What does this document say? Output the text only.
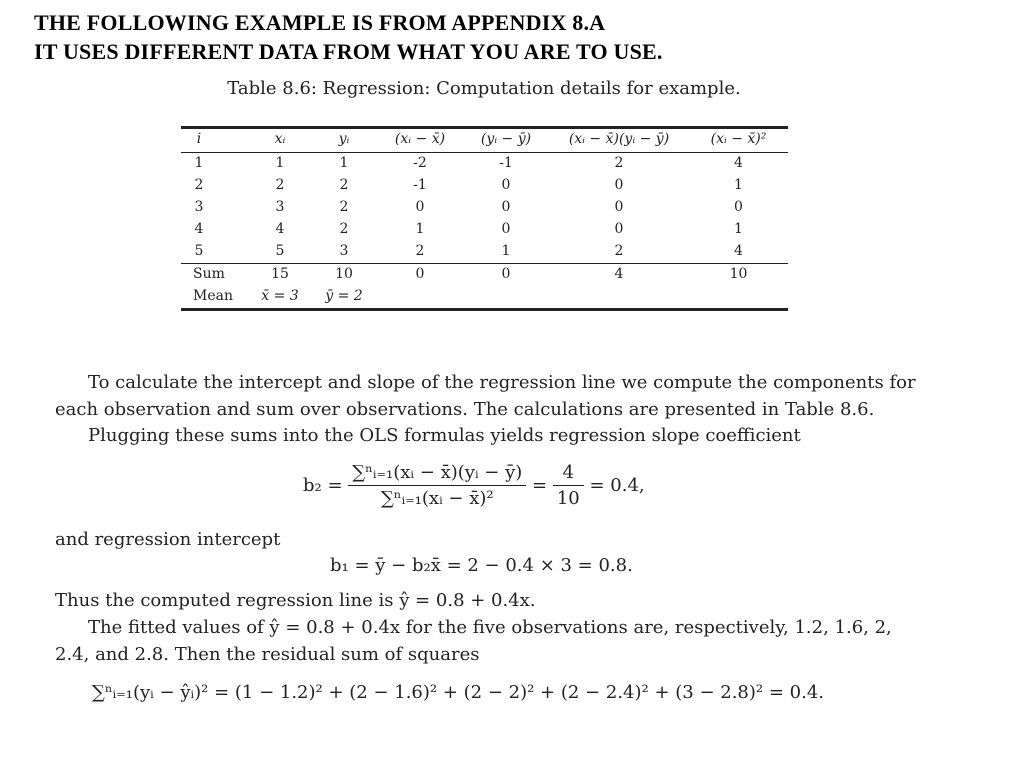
THE FOLLOWING EXAMPLE IS FROM APPENDIX 8.A
IT USES DIFFERENT DATA FROM WHAT YOU ARE TO USE.
Table 8.6: Regression: Computation details for example.
i	xᵢ	yᵢ	(xᵢ − x̄)	(yᵢ − ȳ)	(xᵢ − x̄)(yᵢ − ȳ)	(xᵢ − x̄)²
1	1	1	-2	-1	2	4
2	2	2	-1	0	0	1
3	3	2	0	0	0	0
4	4	2	1	0	0	1
5	5	3	2	1	2	4
Sum	15	10	0	0	4	10
Mean	x̄ = 3	ȳ = 2
To calculate the intercept and slope of the regression line we compute the components for each observation and sum over observations. The calculations are presented in Table 8.6.
Plugging these sums into the OLS formulas yields regression slope coefficient
$b_2 = \frac{\text{∑ⁿᵢ₌₁(xᵢ − x̄)(yᵢ − ȳ)}}{\text{∑ⁿᵢ₌₁(xᵢ − x̄)²}} = \frac{4}{10} = 0.4$,
and regression intercept
b₁ = ȳ − b₂x̄ = 2 − 0.4 × 3 = 0.8.
Thus the computed regression line is ŷ = 0.8 + 0.4x.
The fitted values of ŷ = 0.8 + 0.4x for the five observations are, respectively, 1.2, 1.6, 2, 2.4, and 2.8. Then the residual sum of squares
∑ⁿᵢ₌₁(yᵢ − ŷᵢ)² = (1 − 1.2)² + (2 − 1.6)² + (2 − 2)² + (2 − 2.4)² + (3 − 2.8)² = 0.4.
